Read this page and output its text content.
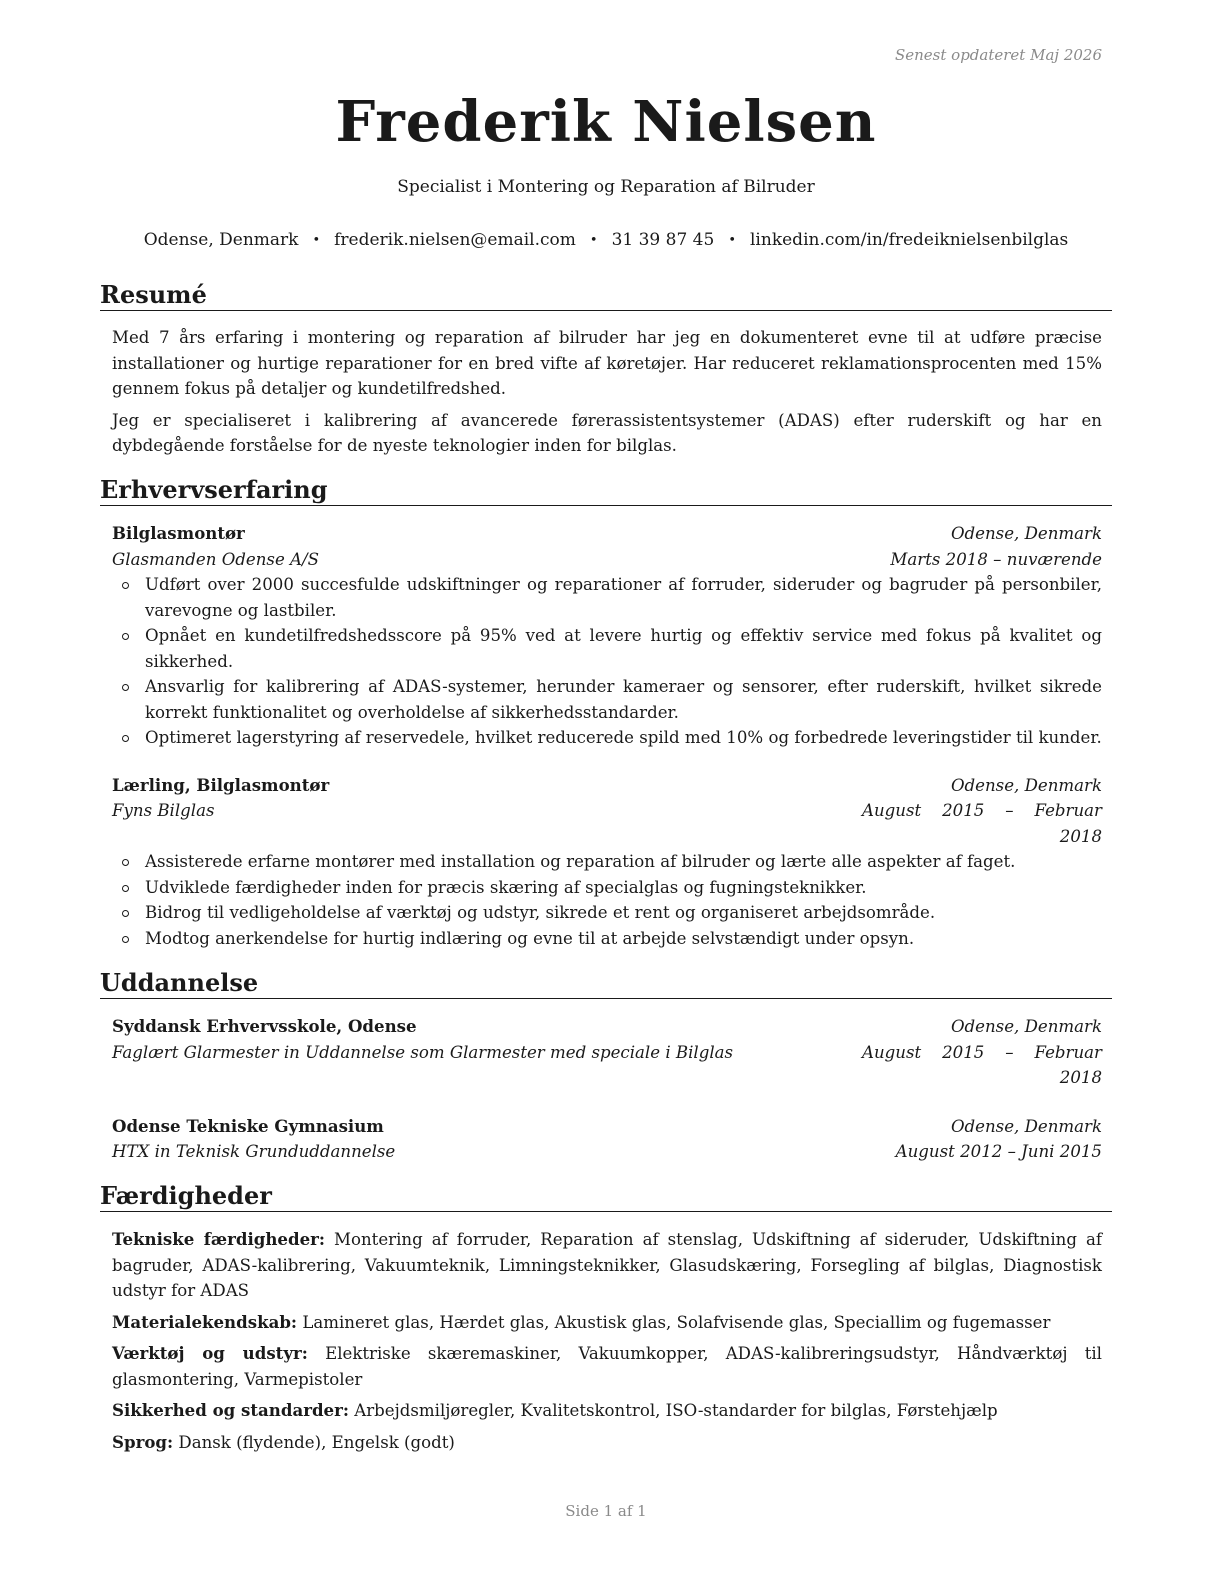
Senest opdateret Maj 2026
Frederik Nielsen
Specialist i Montering og Reparation af Bilruder
Odense, Denmark • frederik.nielsen@email.com • 31 39 87 45 • linkedin.com/in/fredeiknielsenbilglas
Resumé

Med 7 års erfaring i montering og reparation af bilruder har jeg en dokumenteret evne til at udføre præcise installationer og hurtige reparationer for en bred vifte af køretøjer. Har reduceret reklamationsprocenten med 15% gennem fokus på detaljer og kundetilfredshed.

Jeg er specialiseret i kalibrering af avancerede førerassistentsystemer (ADAS) efter ruderskift og har en dybdegående forståelse for de nyeste teknologier inden for bilglas.

Erhvervserfaring
Bilglasmontør	Odense, Denmark
Glasmanden Odense A/S	Marts 2018 – nuværende
Udført over 2000 succesfulde udskiftninger og reparationer af forruder, sideruder og bagruder på personbiler, varevogne og lastbiler.
Opnået en kundetilfredshedsscore på 95% ved at levere hurtig og effektiv service med fokus på kvalitet og sikkerhed.
Ansvarlig for kalibrering af ADAS-systemer, herunder kameraer og sensorer, efter ruderskift, hvilket sikrede korrekt funktionalitet og overholdelse af sikkerhedsstandarder.
Optimeret lagerstyring af reservedele, hvilket reducerede spild med 10% og forbedrede leveringstider til kunder.
Lærling, Bilglasmontør	Odense, Denmark
Fyns Bilglas	August 2015 – Februar 2018
Assisterede erfarne montører med installation og reparation af bilruder og lærte alle aspekter af faget.
Udviklede færdigheder inden for præcis skæring af specialglas og fugningsteknikker.
Bidrog til vedligeholdelse af værktøj og udstyr, sikrede et rent og organiseret arbejdsområde.
Modtog anerkendelse for hurtig indlæring og evne til at arbejde selvstændigt under opsyn.
Uddannelse
Syddansk Erhvervsskole, Odense	Odense, Denmark
Faglært Glarmester in Uddannelse som Glarmester med speciale i Bilglas	August 2015 – Februar 2018
Odense Tekniske Gymnasium	Odense, Denmark
HTX in Teknisk Grunduddannelse	August 2012 – Juni 2015
Færdigheder

Tekniske færdigheder: Montering af forruder, Reparation af stenslag, Udskiftning af sideruder, Udskiftning af bagruder, ADAS-kalibrering, Vakuumteknik, Limningsteknikker, Glasudskæring, Forsegling af bilglas, Diagnostisk udstyr for ADAS

Materialekendskab: Lamineret glas, Hærdet glas, Akustisk glas, Solafvisende glas, Speciallim og fugemasser

Værktøj og udstyr: Elektriske skæremaskiner, Vakuumkopper, ADAS-kalibreringsudstyr, Håndværktøj til glasmontering, Varmepistoler

Sikkerhed og standarder: Arbejdsmiljøregler, Kvalitetskontrol, ISO-standarder for bilglas, Førstehjælp

Sprog: Dansk (flydende), Engelsk (godt)

Side 1 af 1
